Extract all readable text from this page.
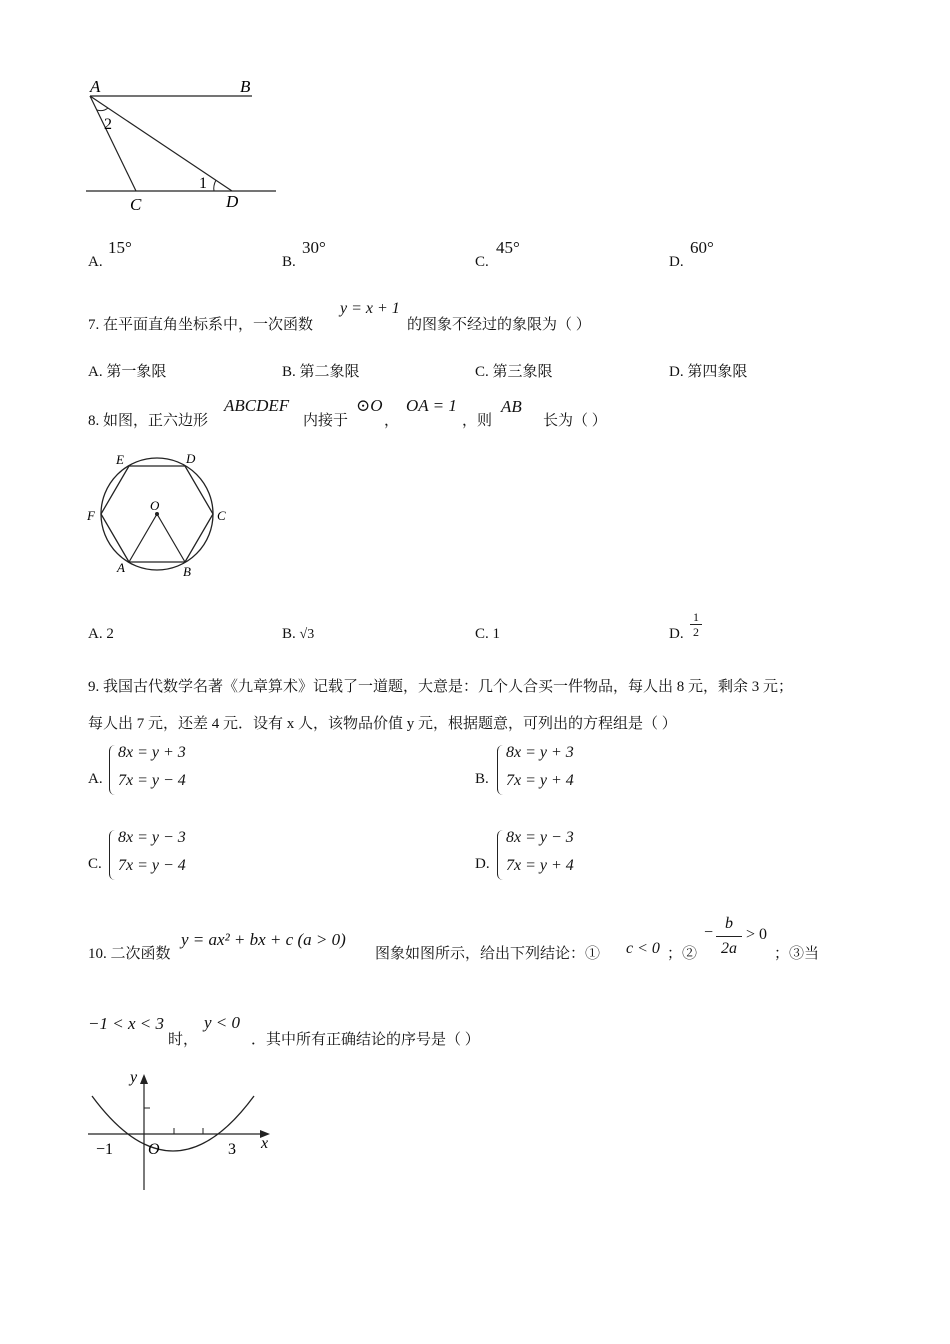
A	B
C	D
2
1
A.
15°
B.
30°
C.
45°
D.
60°
7. 在平面直角坐标系中，一次函数
y = x + 1
的图象不经过的象限为（ ）
A. 第一象限	B. 第二象限	C. 第三象限	D. 第四象限
8. 如图，正六边形
ABCDEF
内接于
⊙O
，
OA = 1
，则
AB
长为（ ）
E	D
F	C
O
A	B
A. 2	B. √3	C. 1	D. $\frac{1}{2}$
9. 我国古代数学名著《九章算术》记载了一道题，大意是：几个人合买一件物品，每人出 8 元，剩余 3 元；
每人出 7 元，还差 4 元．设有 x 人，该物品价值 y 元，根据题意，可列出的方程组是（ ）
A.
8x = y + 3
7x = y − 4	B.
8x = y + 3
7x = y + 4
C.
8x = y − 3
7x = y − 4	D.
8x = y − 3
7x = y + 4
10. 二次函数
y = ax² + bx + c (a > 0)
图象如图所示，给出下列结论：① c < 0 ；②
− $\frac{b}{2a} > 0$
；③当
−1 < x < 3
时，
y < 0
．其中所有正确结论的序号是（ ）
y
x
O
−1	3
